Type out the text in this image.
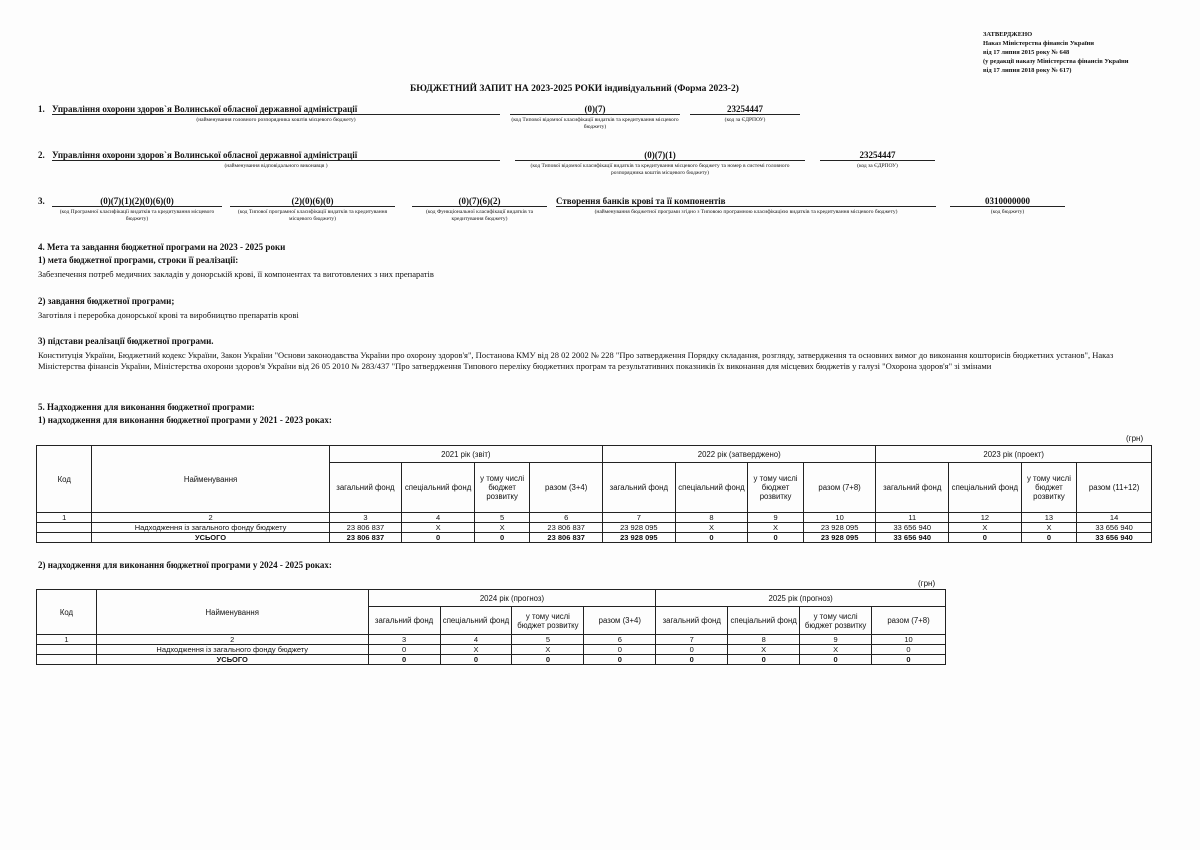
ЗАТВЕРДЖЕНО
Наказ Міністерства фінансів України
від 17 липня 2015 року № 648
(у редакції наказу Міністерства фінансів України
від 17 липня 2018 року № 617)
БЮДЖЕТНИЙ ЗАПИТ НА 2023-2025 РОКИ індивідуальний (Форма 2023-2)
1. Управління охорони здоров`я Волинської обласної державної адміністрації
(найменування головного розпорядника коштів місцевого бюджету)
(0)(7)
(код Типової відомчої класифікації видатків та кредитування місцевого бюджету)
23254447
(код за ЄДРПОУ)
2. Управління охорони здоров`я Волинської обласної державної адміністрації
(найменування відповідального виконавця )
(0)(7)(1)
(код Типової відомчої класифікації видатків та кредитування місцевого бюджету та номер в системі головного розпорядника коштів місцевого бюджету)
23254447
(код за ЄДРПОУ)
3.	(0)(7)(1)(2)(0)(6)(0)
(код Програмної класифікації видатків та кредитування місцевого бюджету)
(2)(0)(6)(0)
(код Типової програмної класифікації видатків та кредитування місцевого бюджету)
(0)(7)(6)(2)
(код Функціональної класифікації видатків та кредитування бюджету)
Створення банків крові та її компонентів
(найменування бюджетної програми згідно з Типовою програмною класифікацією видатків та кредитування місцевого бюджету)
0310000000
(код бюджету)
4. Мета та завдання бюджетної програми на 2023 - 2025 роки
1) мета бюджетної програми, строки її реалізації:
Забезпечення потреб медичних закладів у донорській крові, її компонентах та виготовлених з них препаратів
2) завдання бюджетної програми;
Заготівля і переробка донорської крові та виробництво препаратів крові
3) підстави реалізації бюджетної програми.
Конституція України, Бюджетний кодекс України, Закон України "Основи законодавства України про охорону здоров'я", Постанова КМУ від 28 02 2002 № 228 "Про затвердження Порядку складання, розгляду, затвердження та основних вимог до виконання кошторисів бюджетних установ", Наказ Міністерства фінансів України, Міністерства охорони здоров'я України від 26 05 2010 № 283/437 "Про затвердження Типового переліку бюджетних програм та результативних показників їх виконання для місцевих бюджетів у галузі "Охорона здоров'я" зі змінами
5. Надходження для виконання бюджетної програми:
1) надходження для виконання бюджетної програми у 2021 - 2023 роках:
(грн)
Код	Найменування	2021 рік (звіт)				2022 рік (затверджено)				2023 рік (проект)			
		загальний фонд	спеціальний фонд	у тому числі бюджет розвитку	разом (3+4)	загальний фонд	спеціальний фонд	у тому числі бюджет розвитку	разом (7+8)	загальний фонд	спеціальний фонд	у тому числі бюджет розвитку	разом (11+12)
1	2	3	4	5	6	7	8	9	10	11	12	13	14
	Надходження із загального фонду бюджету	23 806 837	X	X	23 806 837	23 928 095	X	X	23 928 095	33 656 940	X	X	33 656 940
	УСЬОГО	23 806 837	0	0	23 806 837	23 928 095	0	0	23 928 095	33 656 940	0	0	33 656 940
2) надходження для виконання бюджетної програми у 2024 - 2025 роках:
(грн)
Код	Найменування	2024 рік (прогноз)				2025 рік (прогноз)			
		загальний фонд	спеціальний фонд	у тому числі бюджет розвитку	разом (3+4)	загальний фонд	спеціальний фонд	у тому числі бюджет розвитку	разом (7+8)
1	2	3	4	5	6	7	8	9	10
	Надходження із загального фонду бюджету	0	X	X	0	0	X	X	0
	УСЬОГО	0	0	0	0	0	0	0	0
